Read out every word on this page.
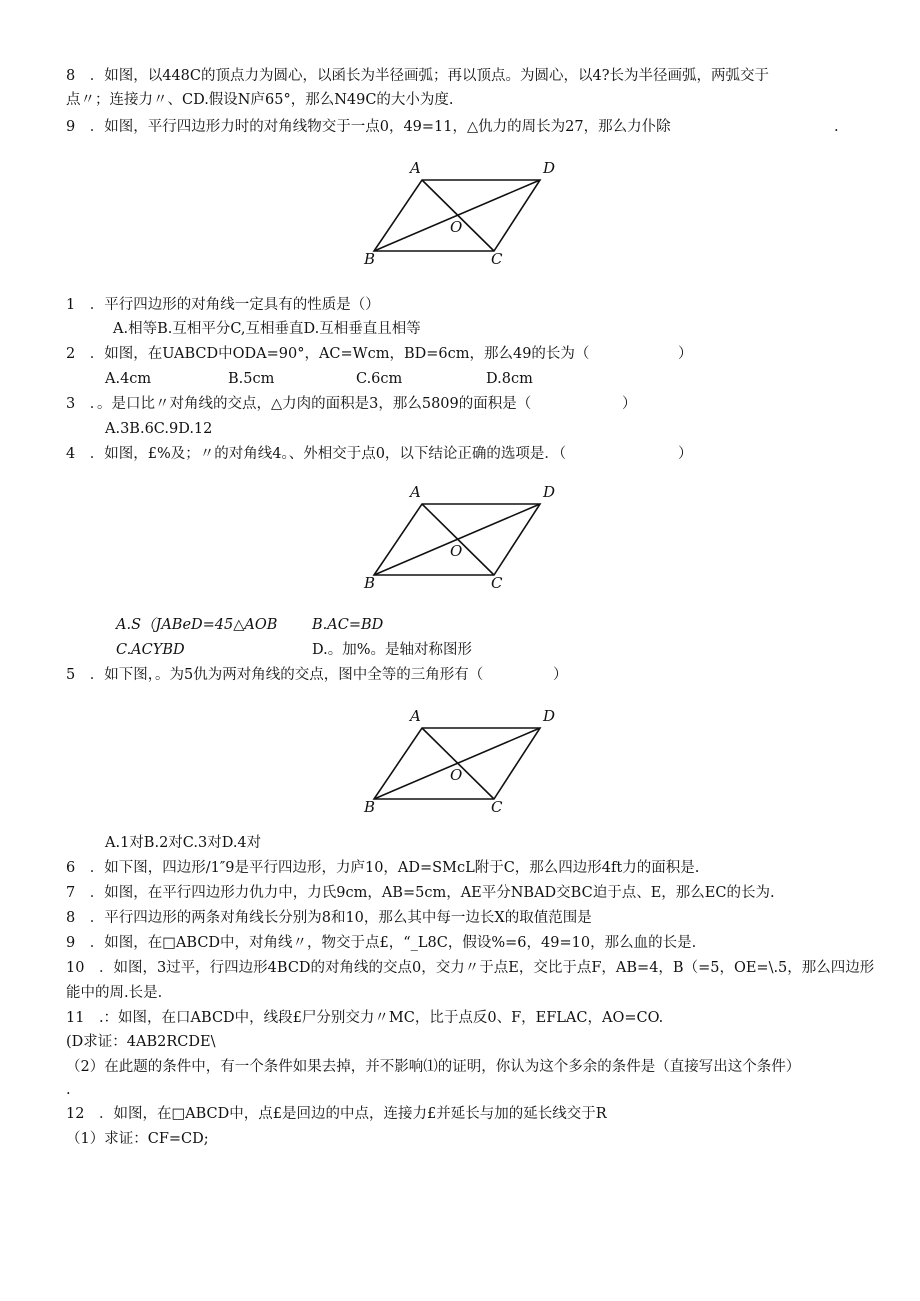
8　．如图，以448C的顶点力为圆心，以函长为半径画弧；再以顶点。为圆心，以4?长为半径画弧，两弧交于
点〃；连接力〃、CD.假设N庐65°，那么N49C的大小为度.
9　．如图，平行四边形力时的对角线物交于一点0，49=11，△仇力的周长为27，那么力仆除	.
A	D
O
B	C
1　．平行四边形的对角线一定具有的性质是（）
A.相等B.互相平分C,互相垂直D.互相垂直且相等
2　．如图，在UABCD中ODA=90°，AC=Wcm，BD=6cm，那么49的长为（	）
A.4cm	B.5cm	C.6cm	D.8cm
3　．。是口比〃对角线的交点，△力肉的面积是3，那么5809的面积是（	）
A.3B.6C.9D.12
4　．如图，£%及；〃的对角线4。、外相交于点0，以下结论正确的选项是．（	）
A	D
O
B	C
A.S（JABeD=45△AOB B.AC=BD
C.ACYBD	D.。加%。是轴对称图形
5　．如下图，。为5仇为两对角线的交点，图中全等的三角形有（	）
A	D
O
B	C
A.1对B.2对C.3对D.4对
6　．如下图，四边形/1″9是平行四边形，力庐10，AD=SMcL附于C，那么四边形4ft力的面积是.
7　．如图，在平行四边形力仇力中，力氏9cm，AB=5cm，AE平分NBAD交BC迫于点、E，那么EC的长为.
8　．平行四边形的两条对角线长分别为8和10，那么其中每一边长X的取值范围是
9　．如图，在□ABCD中，对角线〃，物交于点£，“_L8C，假设%=6，49=10，那么血的长是.
10　．如图，3过平，行四边形4BCD的对角线的交点0，交力〃于点E，交比于点F，AB=4，B（=5，OE=\.5，那么四边形
能中的周.长是.
11　.：如图，在口ABCD中，线段£尸分别交力〃MC，比于点反0、F，EFLAC，AO=CO.
(D求证：4AB2RCDE\
（2）在此题的条件中，有一个条件如果去掉，并不影响⑴的证明，你认为这个多余的条件是（直接写出这个条件）
.
12　．如图，在□ABCD中，点£是回边的中点，连接力£并延长与加的延长线交于R
（1）求证：CF=CD;
